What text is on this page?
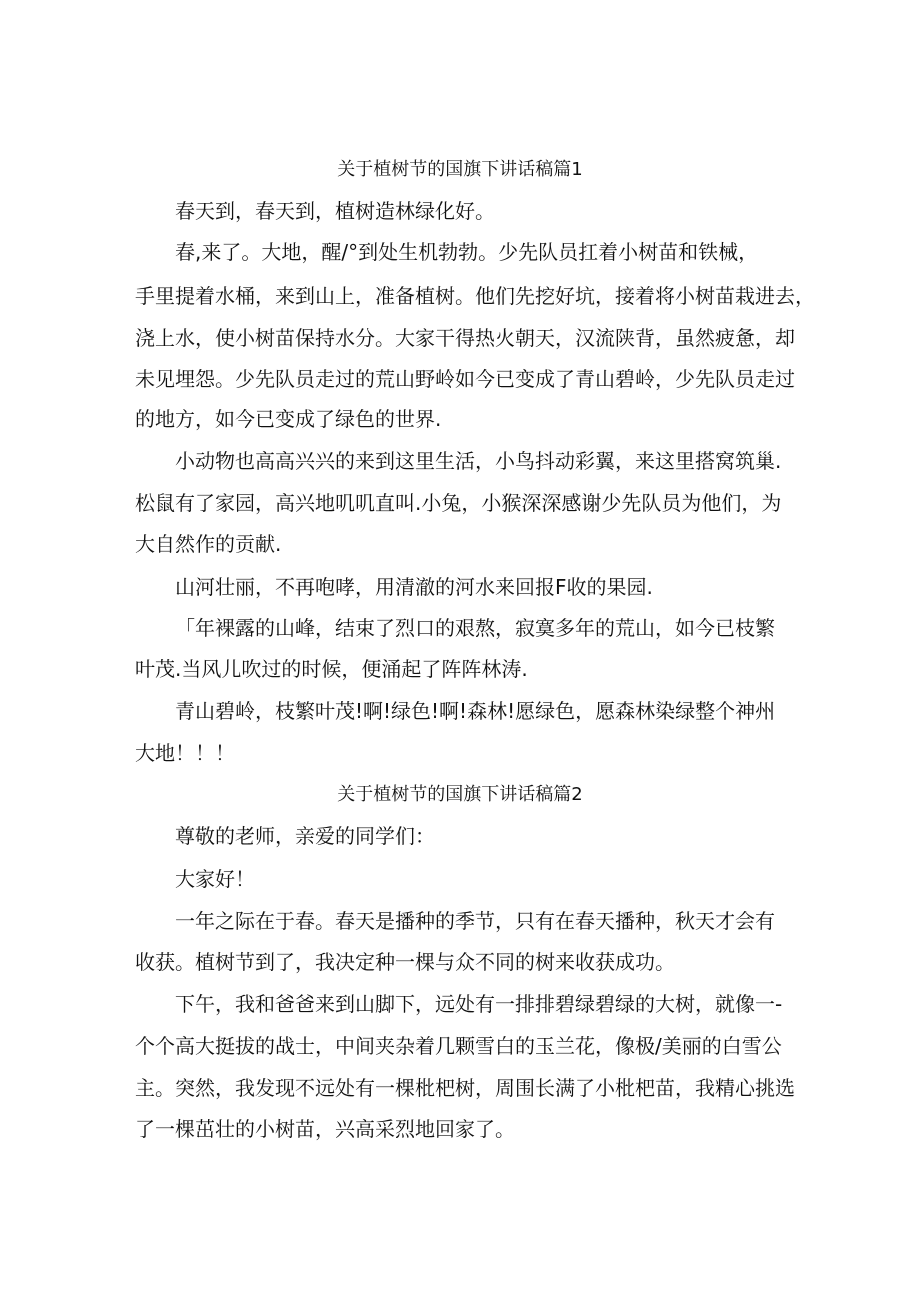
关于植树节的国旗下讲话稿篇1
春天到，春天到，植树造林绿化好。
春,来了。大地，醒/°到处生机勃勃。少先队员扛着小树苗和铁械，
手里提着水桶，来到山上，准备植树。他们先挖好坑，接着将小树苗栽进去，
浇上水，使小树苗保持水分。大家干得热火朝天，汉流陕背，虽然疲惫，却
未见埋怨。少先队员走过的荒山野岭如今已变成了青山碧岭，少先队员走过
的地方，如今已变成了绿色的世界.
小动物也高高兴兴的来到这里生活，小鸟抖动彩翼，来这里搭窝筑巢.
松鼠有了家园，高兴地叽叽直叫.小兔，小猴深深感谢少先队员为他们，为
大自然作的贡献.
山河壮丽，不再咆哮，用清澈的河水来回报F收的果园.
「年裸露的山峰，结束了烈口的艰熬，寂寞多年的荒山，如今已枝繁
叶茂.当风儿吹过的时候，便涌起了阵阵林涛.
青山碧岭，枝繁叶茂!啊!绿色!啊!森林!愿绿色，愿森林染绿整个神州
大地！！！
关于植树节的国旗下讲话稿篇2
尊敬的老师，亲爱的同学们：
大家好！
一年之际在于春。春天是播种的季节，只有在春天播种，秋天才会有
收获。植树节到了，我决定种一棵与众不同的树来收获成功。
下午，我和爸爸来到山脚下，远处有一排排碧绿碧绿的大树，就像一-
个个高大挺拔的战士，中间夹杂着几颗雪白的玉兰花，像极/美丽的白雪公
主。突然，我发现不远处有一棵枇杷树，周围长满了小枇杷苗，我精心挑选
了一棵茁壮的小树苗，兴高采烈地回家了。
